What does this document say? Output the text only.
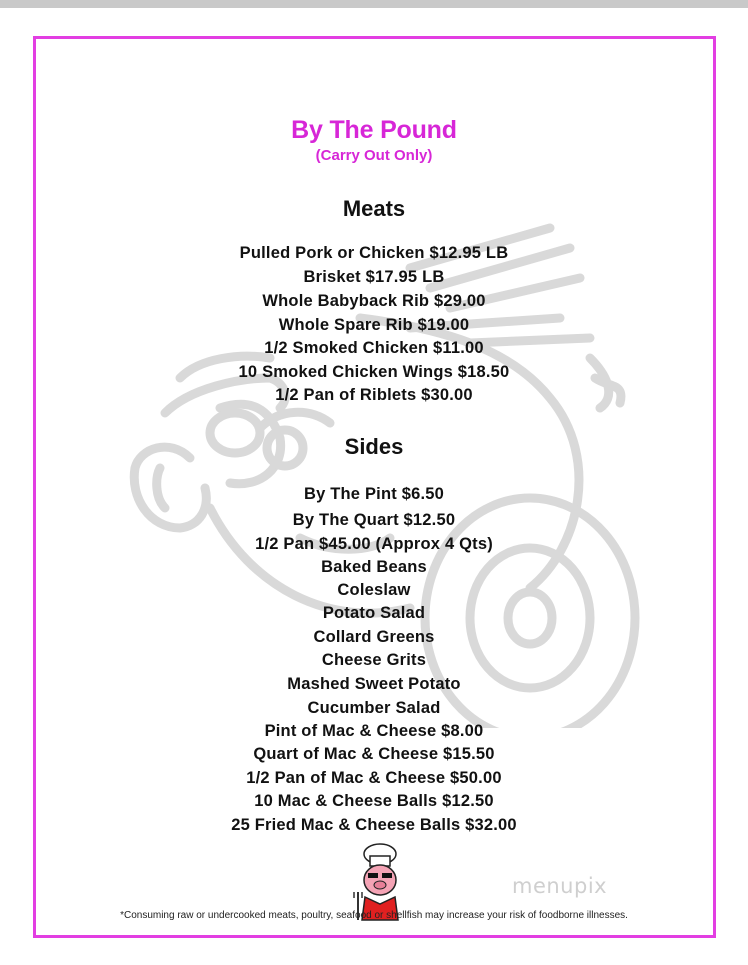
menupix
By The Pound
(Carry Out Only)
Meats
Pulled Pork or Chicken $12.95 LB
Brisket $17.95 LB
Whole Babyback Rib $29.00
Whole Spare Rib $19.00
1/2 Smoked Chicken $11.00
10 Smoked Chicken Wings $18.50
1/2 Pan of Riblets $30.00
Sides
By The Pint $6.50
By The Quart $12.50
1/2 Pan $45.00 (Approx 4 Qts)
Baked Beans
Coleslaw
Potato Salad
Collard Greens
Cheese Grits
Mashed Sweet Potato
Cucumber Salad
Pint of Mac & Cheese $8.00
Quart of Mac & Cheese $15.50
1/2 Pan of Mac & Cheese $50.00
10 Mac & Cheese Balls $12.50
25 Fried Mac & Cheese Balls $32.00
*Consuming raw or undercooked meats, poultry, seafood or shellfish may increase your risk of foodborne illnesses.
